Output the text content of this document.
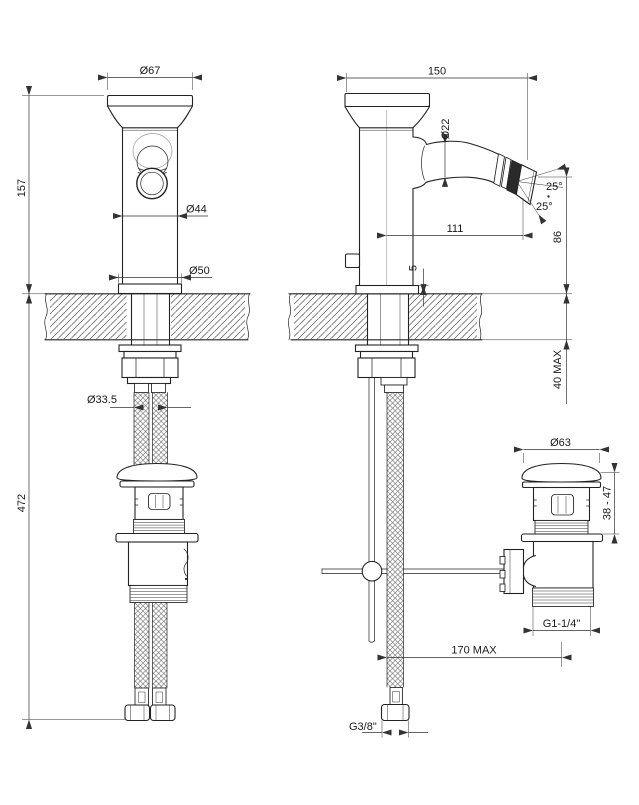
Ø67
157
472
Ø44
Ø50
Ø33.5
25°
25°
150
Ø22
111
86
40 MAX
5
G3/8"
170 MAX
Ø63
38 - 47
G1-1/4"
